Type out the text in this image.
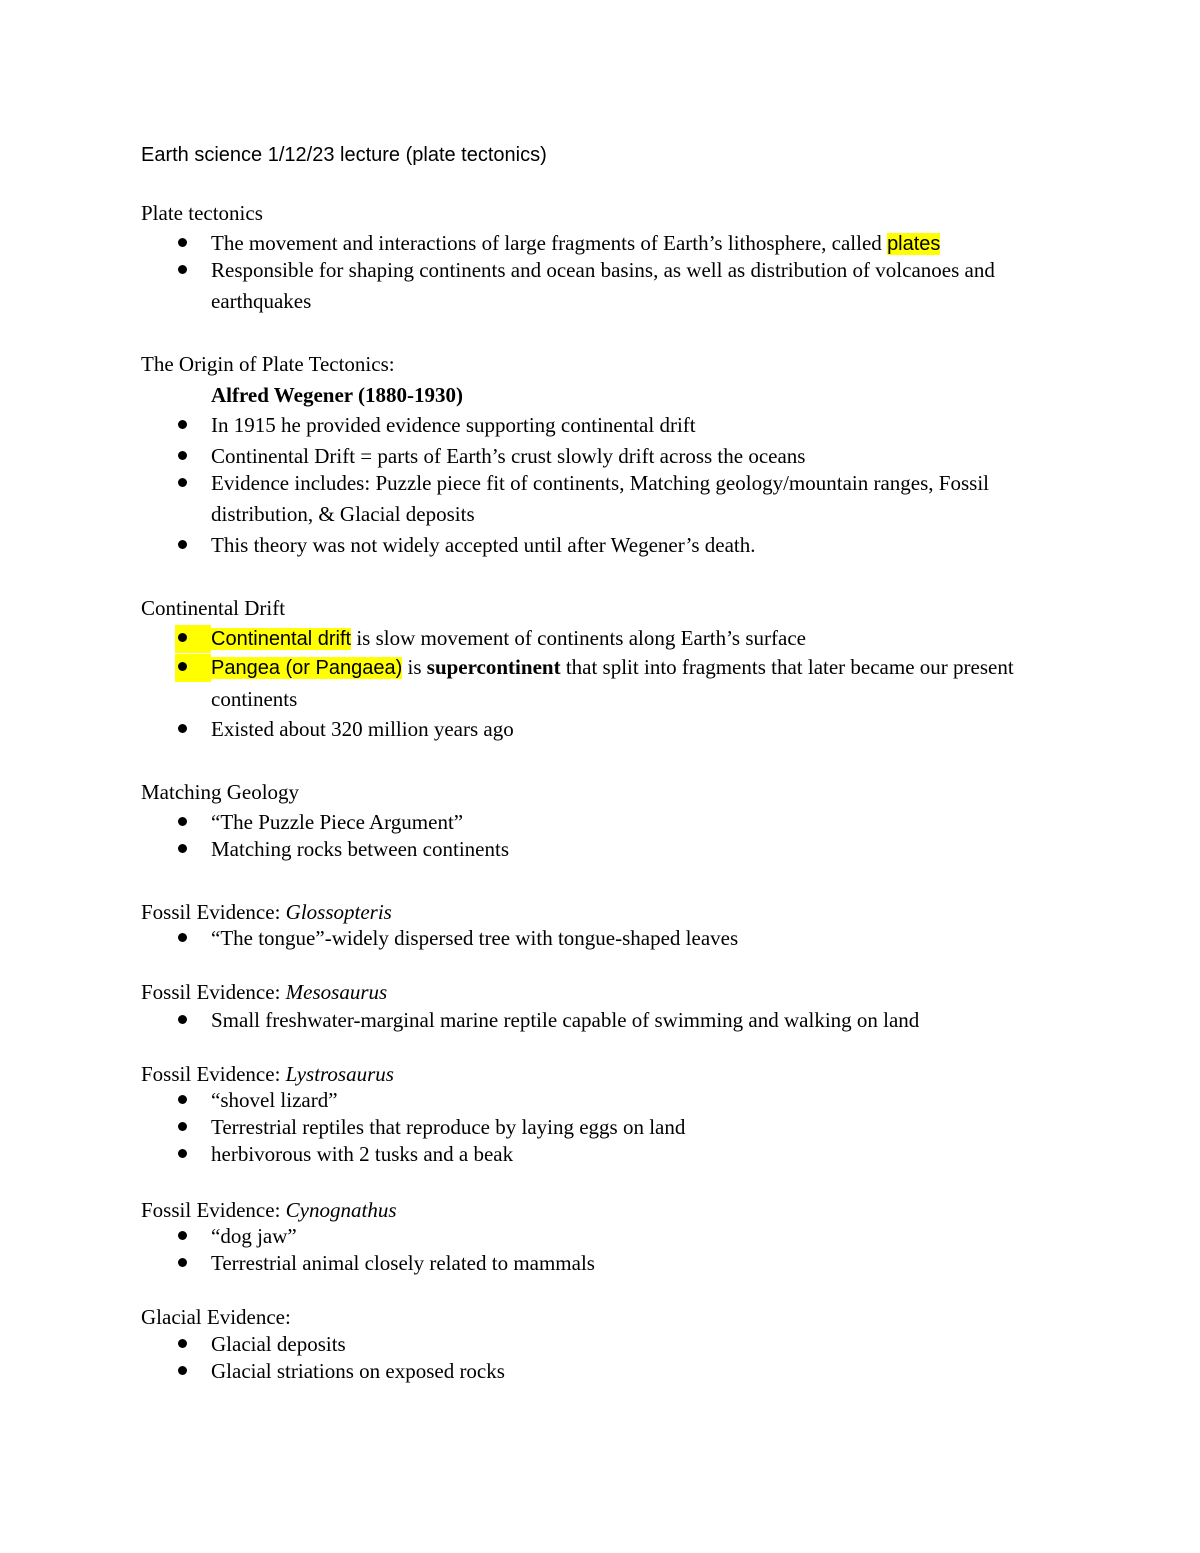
Earth science 1/12/23 lecture (plate tectonics)
Plate tectonics
The movement and interactions of large fragments of Earth’s lithosphere, called plates
Responsible for shaping continents and ocean basins, as well as distribution of volcanoes and earthquakes
The Origin of Plate Tectonics:
Alfred Wegener (1880-1930)
In 1915 he provided evidence supporting continental drift
Continental Drift = parts of Earth’s crust slowly drift across the oceans
Evidence includes: Puzzle piece fit of continents, Matching geology/mountain ranges, Fossil distribution, & Glacial deposits
This theory was not widely accepted until after Wegener’s death.
Continental Drift
Continental drift is slow movement of continents along Earth’s surface
Pangea (or Pangaea) is supercontinent that split into fragments that later became our present continents
Existed about 320 million years ago
Matching Geology
“The Puzzle Piece Argument”
Matching rocks between continents
Fossil Evidence: Glossopteris
“The tongue”-widely dispersed tree with tongue-shaped leaves
Fossil Evidence: Mesosaurus
Small freshwater-marginal marine reptile capable of swimming and walking on land
Fossil Evidence: Lystrosaurus
“shovel lizard”
Terrestrial reptiles that reproduce by laying eggs on land
herbivorous with 2 tusks and a beak
Fossil Evidence: Cynognathus
“dog jaw”
Terrestrial animal closely related to mammals
Glacial Evidence:
Glacial deposits
Glacial striations on exposed rocks
